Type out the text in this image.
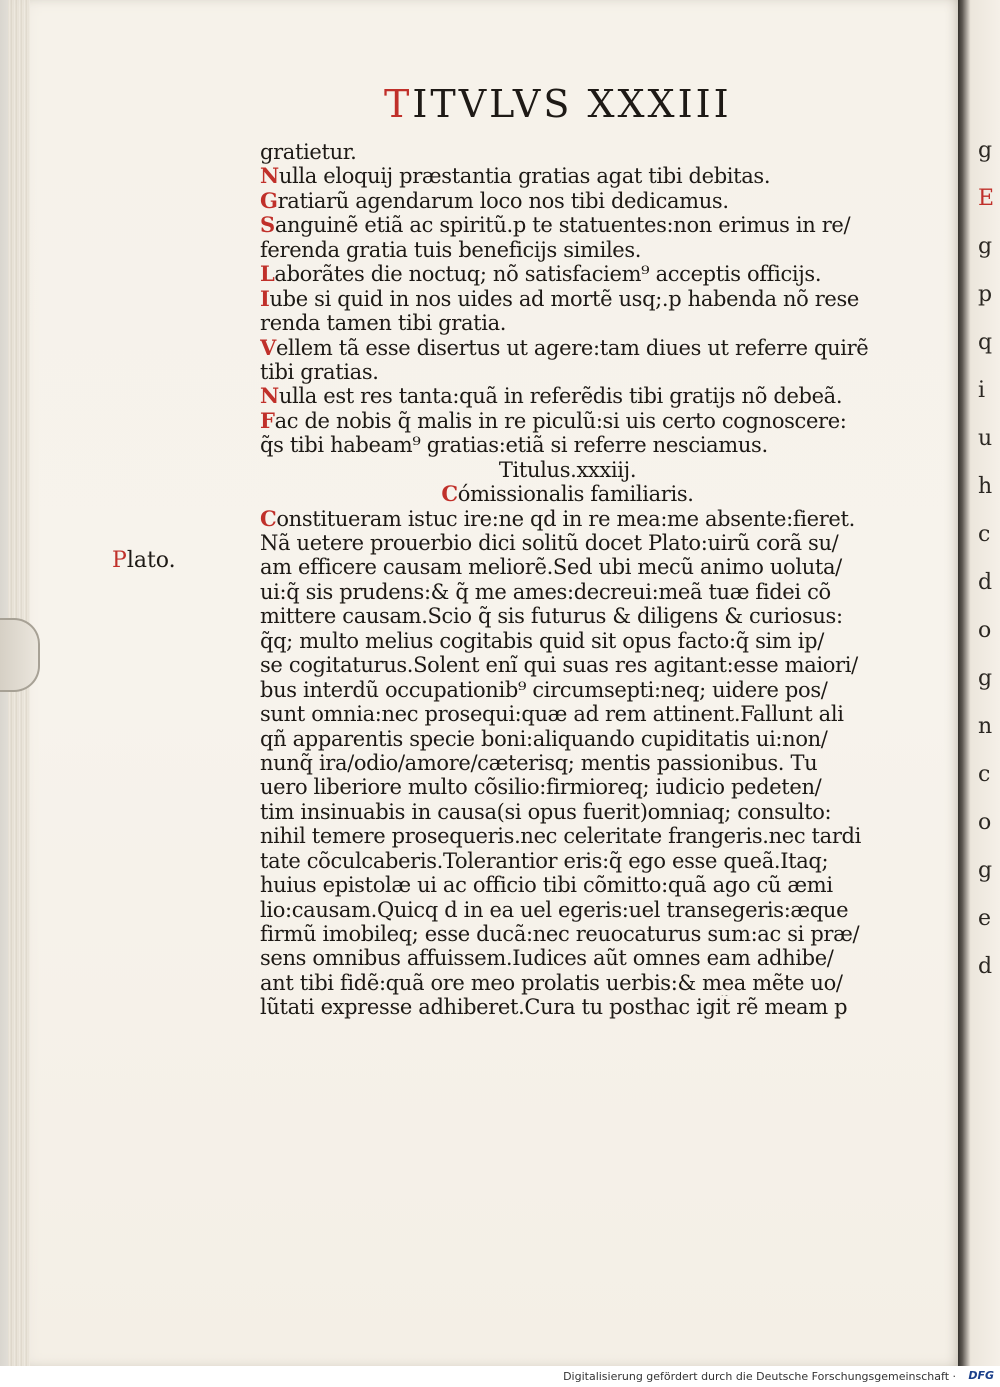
g
E
g
p
q
i
u
h
c
d
o
g
n
c
o
g
e
d
TITVLVS XXXIII
Plato.
gratietur.
Nulla eloquij præstantia gratias agat tibi debitas.
Gratiarũ agendarum loco nos tibi dedicamus.
Sanguinẽ etiã ac spiritũ.p te statuentes:non erimus in re/
ferenda gratia tuis beneficijs similes.
Laborãtes die noctuq; nõ satisfaciem⁹ acceptis officijs.
Iube si quid in nos uides ad mortẽ usq;.p habenda nõ rese
renda tamen tibi gratia.
Vellem tã esse disertus ut agere:tam diues ut referre quirẽ
tibi gratias.
Nulla est res tanta:quã in referẽdis tibi gratijs nõ debeã.
Fac de nobis q̃ malis in re piculũ:si uis certo cognoscere:
q̃s tibi habeam⁹ gratias:etiã si referre nesciamus.
Titulus.xxxiij.
Cómissionalis familiaris.
Constitueram istuc ire:ne qd in re mea:me absente:fieret.
Nã uetere prouerbio dici solitũ docet Plato:uirũ corã su/
am efficere causam meliorẽ.Sed ubi mecũ animo uoluta/
ui:q̃ sis prudens:& q̃ me ames:decreui:meã tuæ fidei cõ
mittere causam.Scio q̃ sis futurus & diligens & curiosus:
q̃q; multo melius cogitabis quid sit opus facto:q̃ sim ip/
se cogitaturus.Solent enĩ qui suas res agitant:esse maiori/
bus interdũ occupationib⁹ circumsepti:neq; uidere pos/
sunt omnia:nec prosequi:quæ ad rem attinent.Fallunt ali
qñ apparentis specie boni:aliquando cupiditatis ui:non/
nunq̃ ira/odio/amore/cæterisq; mentis passionibus. Tu
uero liberiore multo cõsilio:firmioreq; iudicio pedeten/
tim insinuabis in causa(si opus fuerit)omniaq; consulto:
nihil temere prosequeris.nec celeritate frangeris.nec tardi
tate cõculcaberis.Tolerantior eris:q̃ ego esse queã.Itaq;
huius epistolæ ui ac officio tibi cõmitto:quã ago cũ æmi
lio:causam.Quicq d in ea uel egeris:uel transegeris:æque
firmũ imobileq; esse ducã:nec reuocaturus sum:ac si præ/
sens omnibus affuissem.Iudices aũt omnes eam adhibe/
ant tibi fidẽ:quã ore meo prolatis uerbis:& mea mẽte uo/
lũtati expresse adhiberet.Cura tu posthac igit̃ rẽ meam p
Digitalisierung gefördert durch die Deutsche Forschungsgemeinschaft · DFG
